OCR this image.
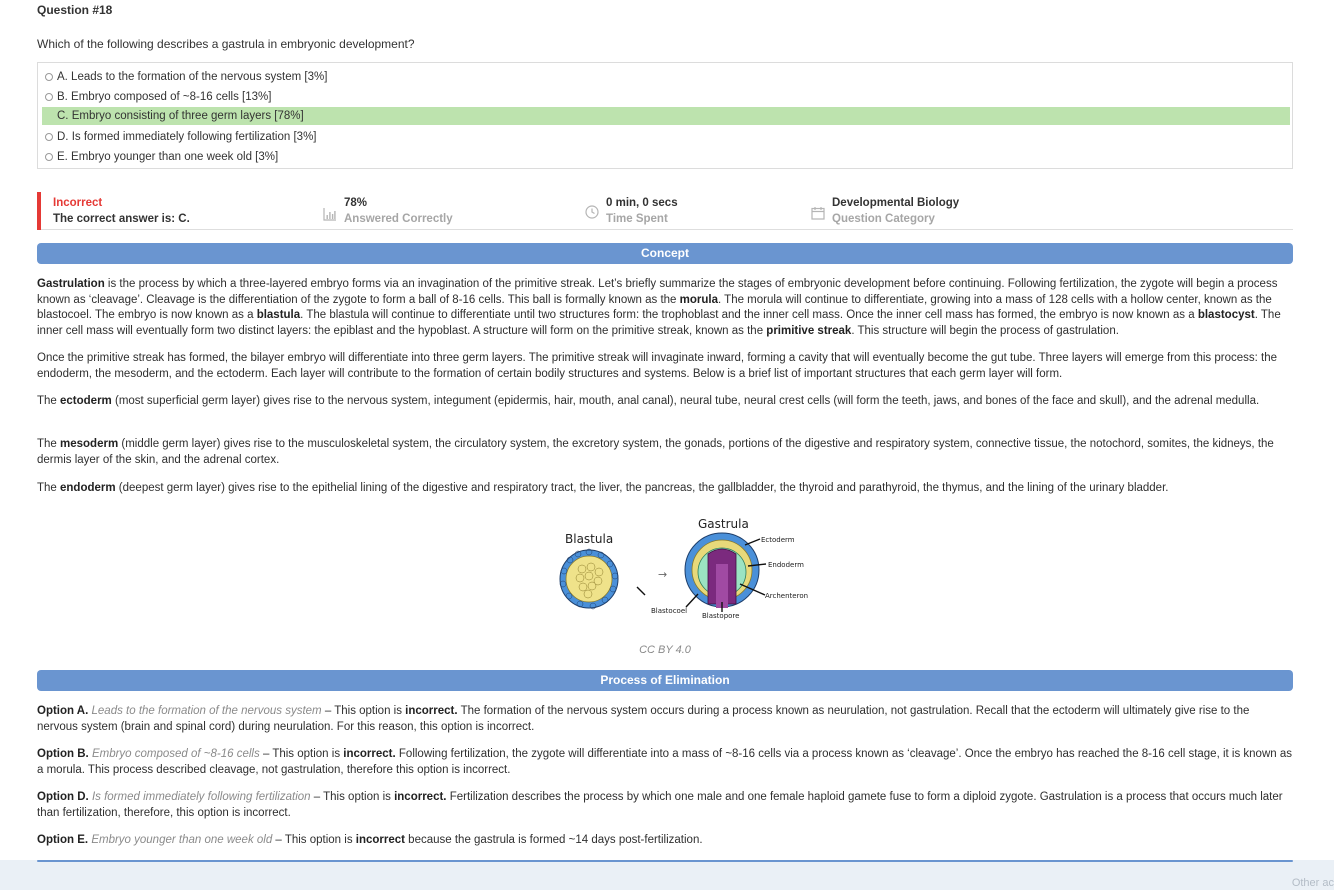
Question #18
Which of the following describes a gastrula in embryonic development?
A. Leads to the formation of the nervous system [3%]
B. Embryo composed of ~8-16 cells [13%]
C. Embryo consisting of three germ layers [78%]
D. Is formed immediately following fertilization [3%]
E. Embryo younger than one week old [3%]
Incorrect
The correct answer is: C.
78%
Answered Correctly
0 min, 0 secs
Time Spent
Developmental Biology
Question Category
Concept
Gastrulation is the process by which a three-layered embryo forms via an invagination of the primitive streak. Let’s briefly summarize the stages of embryonic development before continuing. Following fertilization, the zygote will begin a process known as ‘cleavage’. Cleavage is the differentiation of the zygote to form a ball of 8-16 cells. This ball is formally known as the morula. The morula will continue to differentiate, growing into a mass of 128 cells with a hollow center, known as the blastocoel. The embryo is now known as a blastula. The blastula will continue to differentiate until two structures form: the trophoblast and the inner cell mass. Once the inner cell mass has formed, the embryo is now known as a blastocyst. The inner cell mass will eventually form two distinct layers: the epiblast and the hypoblast. A structure will form on the primitive streak, known as the primitive streak. This structure will begin the process of gastrulation.
Once the primitive streak has formed, the bilayer embryo will differentiate into three germ layers. The primitive streak will invaginate inward, forming a cavity that will eventually become the gut tube. Three layers will emerge from this process: the endoderm, the mesoderm, and the ectoderm. Each layer will contribute to the formation of certain bodily structures and systems. Below is a brief list of important structures that each germ layer will form.
The ectoderm (most superficial germ layer) gives rise to the nervous system, integument (epidermis, hair, mouth, anal canal), neural tube, neural crest cells (will form the teeth, jaws, and bones of the face and skull), and the adrenal medulla.
The mesoderm (middle germ layer) gives rise to the musculoskeletal system, the circulatory system, the excretory system, the gonads, portions of the digestive and respiratory system, connective tissue, the notochord, somites, the kidneys, the dermis layer of the skin, and the adrenal cortex.
The endoderm (deepest germ layer) gives rise to the epithelial lining of the digestive and respiratory tract, the liver, the pancreas, the gallbladder, the thyroid and parathyroid, the thymus, and the lining of the urinary bladder.
Blastula
→
Gastrula
Ectoderm
Endoderm
Archenteron
Blastocoel
Blastopore
CC BY 4.0
Process of Elimination
Option A. Leads to the formation of the nervous system – This option is incorrect. The formation of the nervous system occurs during a process known as neurulation, not gastrulation. Recall that the ectoderm will ultimately give rise to the nervous system (brain and spinal cord) during neurulation. For this reason, this option is incorrect.
Option B. Embryo composed of ~8-16 cells – This option is incorrect. Following fertilization, the zygote will differentiate into a mass of ~8-16 cells via a process known as ‘cleavage’. Once the embryo has reached the 8-16 cell stage, it is known as a morula. This process described cleavage, not gastrulation, therefore this option is incorrect.
Option D. Is formed immediately following fertilization – This option is incorrect. Fertilization describes the process by which one male and one female haploid gamete fuse to form a diploid zygote. Gastrulation is a process that occurs much later than fertilization, therefore, this option is incorrect.
Option E. Embryo younger than one week old – This option is incorrect because the gastrula is formed ~14 days post-fertilization.
Other ac
